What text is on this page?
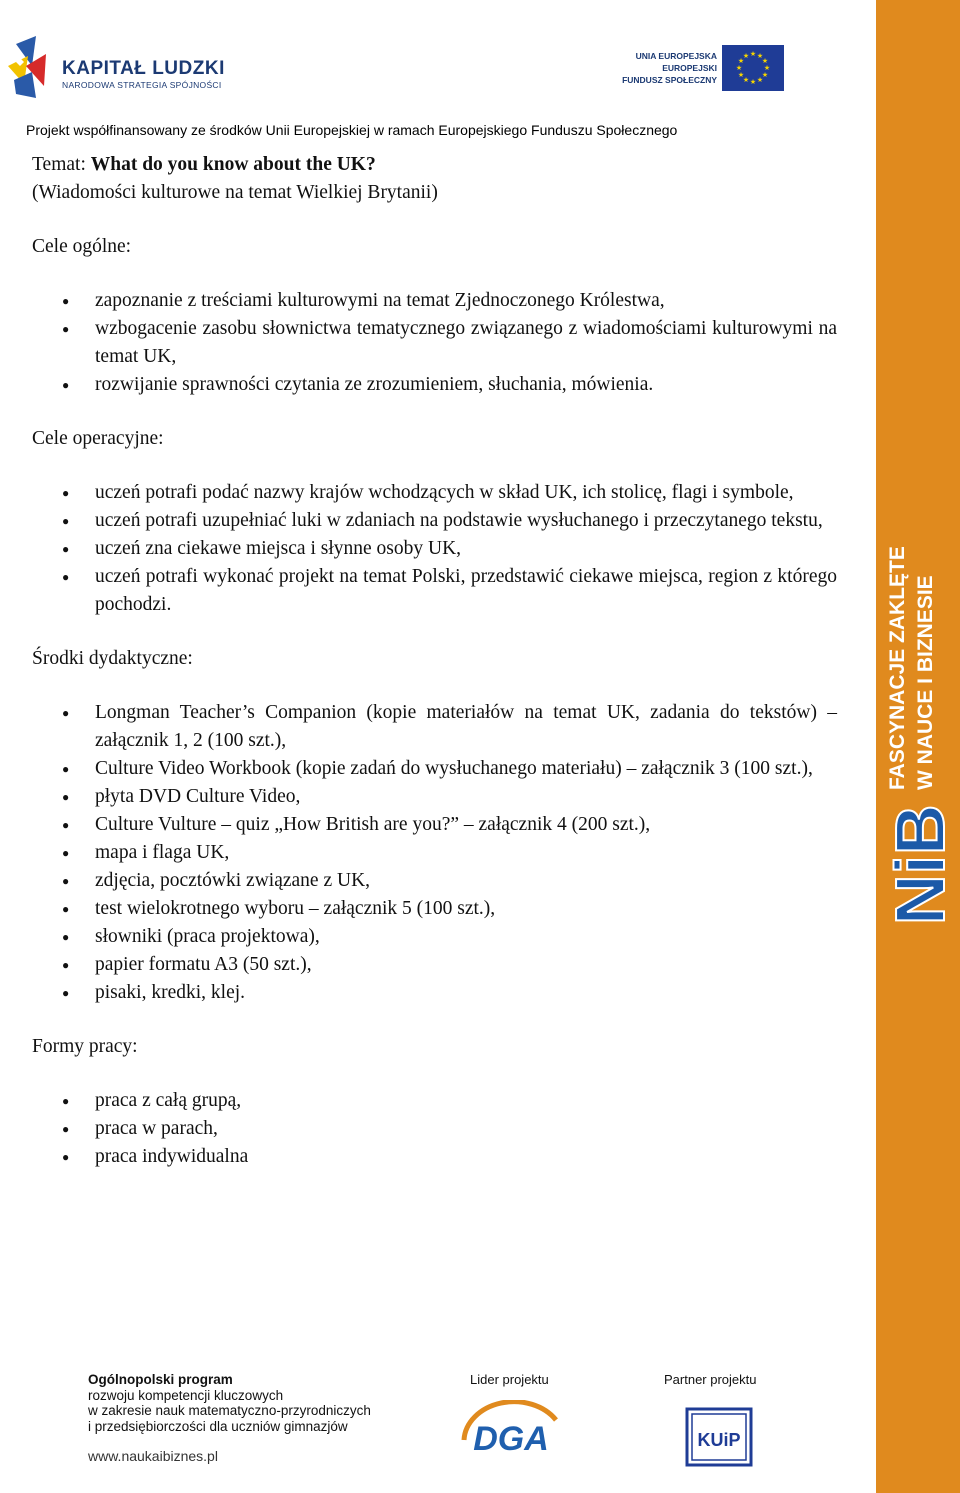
KAPITAŁ LUDZKI
NARODOWA STRATEGIA SPÓJNOŚCI
UNIA EUROPEJSKA
EUROPEJSKI
FUNDUSZ SPOŁECZNY
★ ★
★
★
★
★
★
★
★
★
★
★
Projekt współfinansowany ze środków Unii Europejskiej w ramach Europejskiego Funduszu Społecznego

Temat: What do you know about the UK?

(Wiadomości kulturowe na temat Wielkiej Brytanii)

Cele ogólne:

● zapoznanie z treściami kulturowymi na temat Zjednoczonego Królestwa,
● wzbogacenie zasobu słownictwa tematycznego związanego z wiadomościami kulturowymi na temat UK,
● rozwijanie sprawności czytania ze zrozumieniem, słuchania, mówienia.

Cele operacyjne:

● uczeń potrafi podać nazwy krajów wchodzących w skład UK, ich stolicę, flagi i symbole,
● uczeń potrafi uzupełniać luki w zdaniach na podstawie wysłuchanego i przeczytanego tekstu,
● uczeń zna ciekawe miejsca i słynne osoby UK,
● uczeń potrafi wykonać projekt na temat Polski, przedstawić ciekawe miejsca, region z którego pochodzi.

Środki dydaktyczne:

● Longman Teacher’s Companion (kopie materiałów na temat UK, zadania do tekstów) – załącznik 1, 2 (100 szt.),
● Culture Video Workbook (kopie zadań do wysłuchanego materiału) – załącznik 3 (100 szt.),
● płyta DVD Culture Video,
● Culture Vulture – quiz „How British are you?” – załącznik 4 (200 szt.),
● mapa i flaga UK,
● zdjęcia, pocztówki związane z UK,
● test wielokrotnego wyboru – załącznik 5 (100 szt.),
● słowniki (praca projektowa),
● papier formatu A3 (50 szt.),
● pisaki, kredki, klej.

Formy pracy:

● praca z całą grupą,
● praca w parach,
● praca indywidualna
FASCYNACJE ZAKLĘTE W NAUCE I BIZNESIE
NiB
Ogólnopolski program
rozwoju kompetencji kluczowych
w zakresie nauk matematyczno-przyrodniczych
i przedsiębiorczości dla uczniów gimnazjów
www.naukaibiznes.pl
Lider projektu
DGA
Partner projektu
KUiP
